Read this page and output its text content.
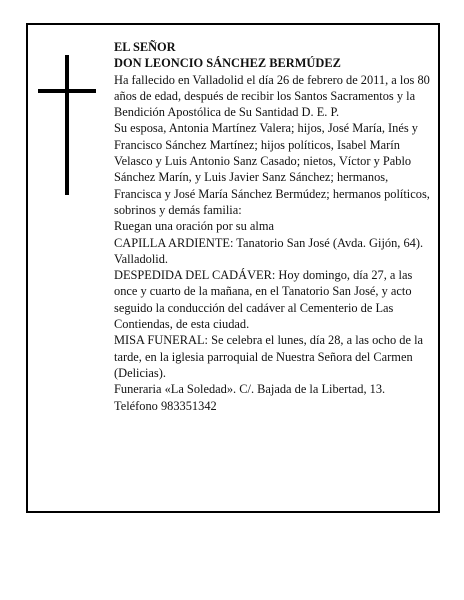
EL SEÑOR

DON LEONCIO SÁNCHEZ BERMÚDEZ

Ha fallecido en Valladolid el día 26 de febrero de 2011, a los 80 años de edad, después de recibir los Santos Sacramentos y la Bendición Apostólica de Su Santidad D. E. P.

Su esposa, Antonia Martínez Valera; hijos, José María, Inés y Francisco Sánchez Martínez; hijos políticos, Isabel Marín Velasco y Luis Antonio Sanz Casado; nietos, Víctor y Pablo Sánchez Marín, y Luis Javier Sanz Sánchez; hermanos, Francisca y José María Sánchez Bermúdez; hermanos políticos, sobrinos y demás familia:

Ruegan una oración por su alma

CAPILLA ARDIENTE: Tanatorio San José (Avda. Gijón, 64). Valladolid.

DESPEDIDA DEL CADÁVER: Hoy domingo, día 27, a las once y cuarto de la mañana, en el Tanatorio San José, y acto seguido la conducción del cadáver al Cementerio de Las Contiendas, de esta ciudad.

MISA FUNERAL: Se celebra el lunes, día 28, a las ocho de la tarde, en la iglesia parroquial de Nuestra Señora del Carmen (Delicias).

Funeraria «La Soledad». C/. Bajada de la Libertad, 13. Teléfono 983351342
